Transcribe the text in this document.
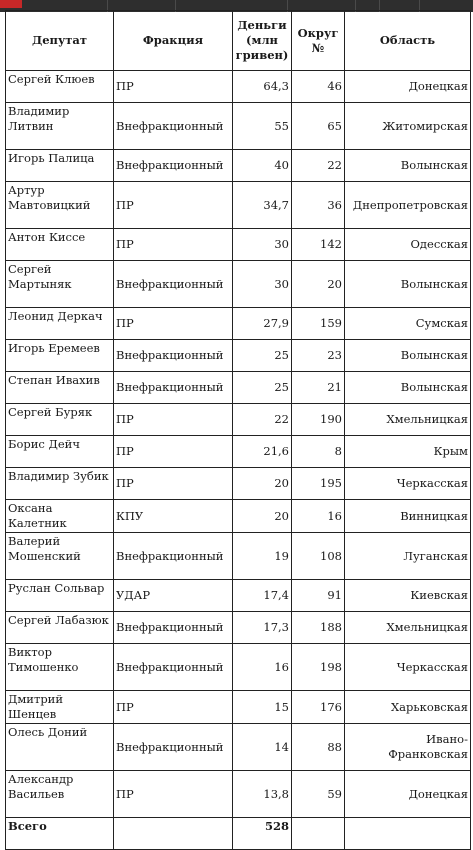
Депутат	Фракция	Деньги (млн гривен)	Округ №	Область
Сергей Клюев	ПР	64,3	46	Донецкая
Владимир Литвин	Внефракционный	55	65	Житомирская
Игорь Палица	Внефракционный	40	22	Волынская
Артур Мавтовицкий	ПР	34,7	36	Днепропетровская
Антон Киссе	ПР	30	142	Одесская
Сергей Мартыняк	Внефракционный	30	20	Волынская
Леонид Деркач	ПР	27,9	159	Сумская
Игорь Еремеев	Внефракционный	25	23	Волынская
Степан Ивахив	Внефракционный	25	21	Волынская
Сергей Буряк	ПР	22	190	Хмельницкая
Борис Дейч	ПР	21,6	8	Крым
Владимир Зубик	ПР	20	195	Черкасская
Оксана Калетник	КПУ	20	16	Винницкая
Валерий Мошенский	Внефракционный	19	108	Луганская
Руслан Сольвар	УДАР	17,4	91	Киевская
Сергей Лабазюк	Внефракционный	17,3	188	Хмельницкая
Виктор Тимошенко	Внефракционный	16	198	Черкасская
Дмитрий Шенцев	ПР	15	176	Харьковская
Олесь Доний	Внефракционный	14	88	Ивано-Франковская
Александр Васильев	ПР	13,8	59	Донецкая
Всего		528		
